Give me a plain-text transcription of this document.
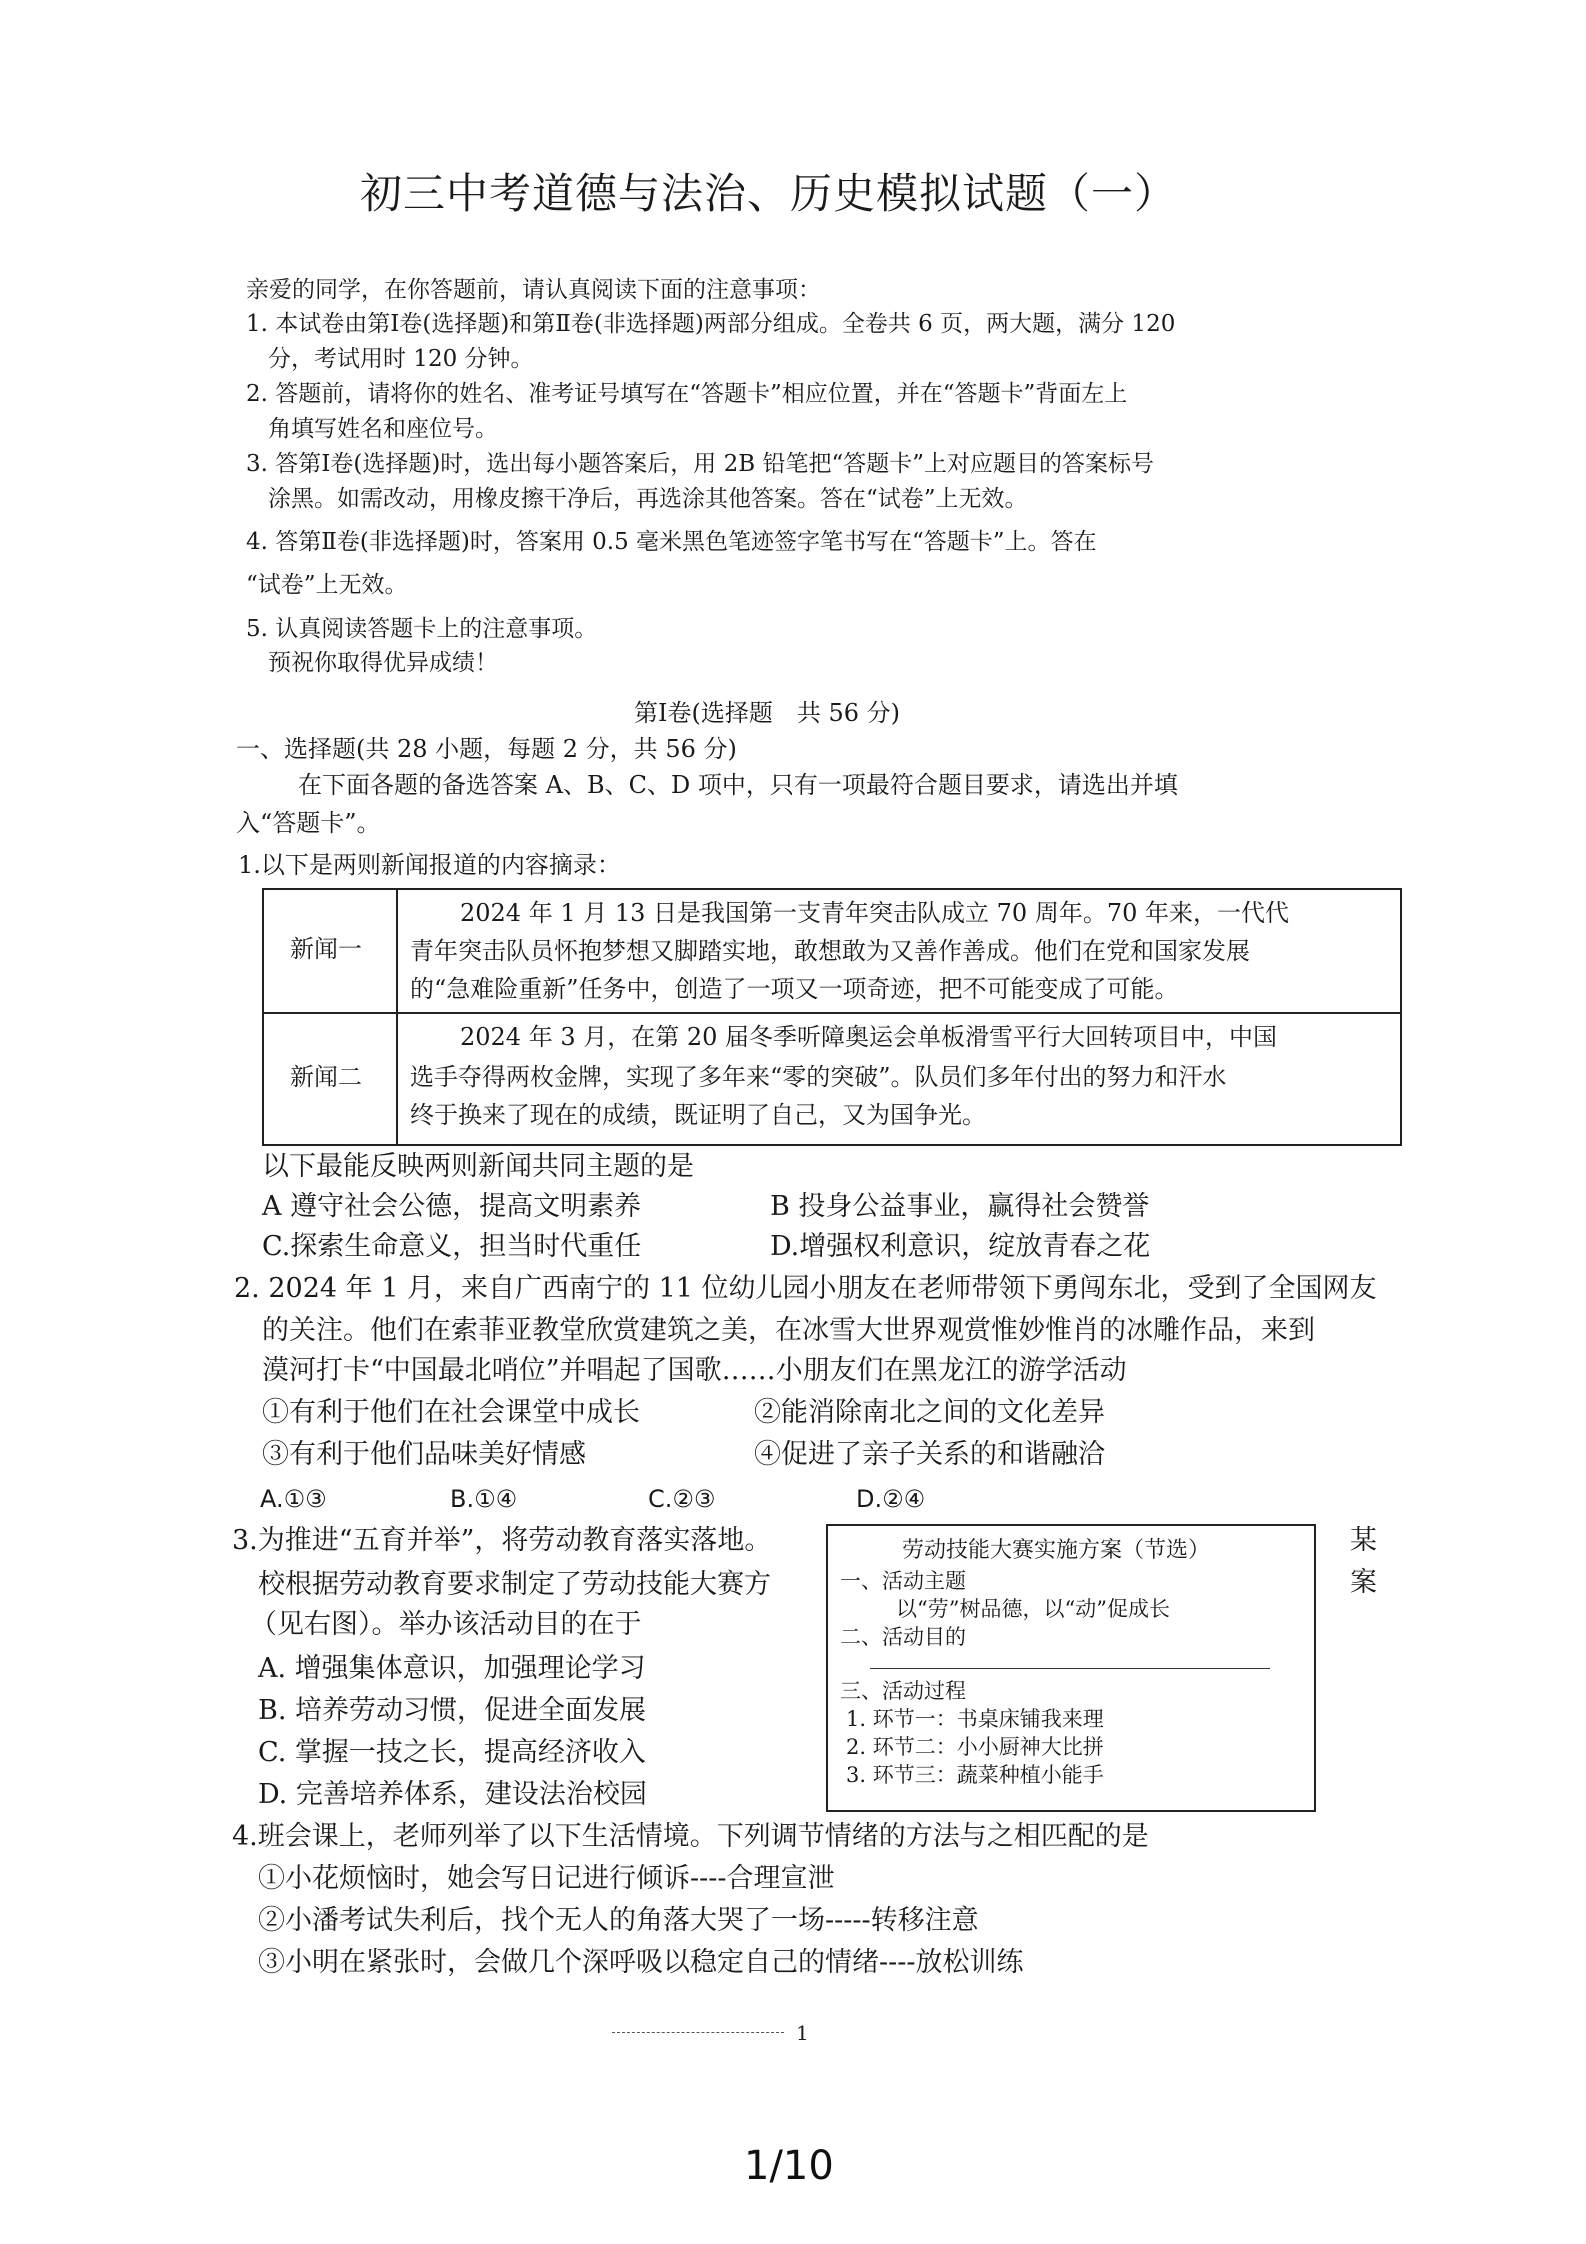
初三中考道德与法治、历史模拟试题（一）
亲爱的同学，在你答题前，请认真阅读下面的注意事项：
1. 本试卷由第Ⅰ卷(选择题)和第Ⅱ卷(非选择题)两部分组成。全卷共 6 页，两大题，满分 120
分，考试用时 120 分钟。
2. 答题前，请将你的姓名、准考证号填写在“答题卡”相应位置，并在“答题卡”背面左上
角填写姓名和座位号。
3. 答第Ⅰ卷(选择题)时，选出每小题答案后，用 2B 铅笔把“答题卡”上对应题目的答案标号
涂黑。如需改动，用橡皮擦干净后，再选涂其他答案。答在“试卷”上无效。
4. 答第Ⅱ卷(非选择题)时，答案用 0.5 毫米黑色笔迹签字笔书写在“答题卡”上。答在
“试卷”上无效。
5. 认真阅读答题卡上的注意事项。
预祝你取得优异成绩！
第Ⅰ卷(选择题　共 56 分)
一、选择题(共 28 小题，每题 2 分，共 56 分)
在下面各题的备选答案 A、B、C、D 项中，只有一项最符合题目要求，请选出并填
入“答题卡”。
1.以下是两则新闻报道的内容摘录：
新闻一
2024 年 1 月 13 日是我国第一支青年突击队成立 70 周年。70 年来，一代代
青年突击队员怀抱梦想又脚踏实地，敢想敢为又善作善成。他们在党和国家发展
的“急难险重新”任务中，创造了一项又一项奇迹，把不可能变成了可能。
新闻二
2024 年 3 月，在第 20 届冬季听障奥运会单板滑雪平行大回转项目中，中国
选手夺得两枚金牌，实现了多年来“零的突破”。队员们多年付出的努力和汗水
终于换来了现在的成绩，既证明了自己，又为国争光。
以下最能反映两则新闻共同主题的是
A 遵守社会公德，提高文明素养	B 投身公益事业，赢得社会赞誉
C.探索生命意义，担当时代重任	D.增强权利意识，绽放青春之花
2. 2024 年 1 月，来自广西南宁的 11 位幼儿园小朋友在老师带领下勇闯东北，受到了全国网友
的关注。他们在索菲亚教堂欣赏建筑之美，在冰雪大世界观赏惟妙惟肖的冰雕作品，来到
漠河打卡“中国最北哨位”并唱起了国歌……小朋友们在黑龙江的游学活动
①有利于他们在社会课堂中成长	②能消除南北之间的文化差异
③有利于他们品味美好情感	④促进了亲子关系的和谐融洽
A.①③	B.①④	C.②③	D.②④
3.为推进“五育并举”，将劳动教育落实落地。	某
案
校根据劳动教育要求制定了劳动技能大赛方
（见右图）。举办该活动目的在于
A. 增强集体意识，加强理论学习
B. 培养劳动习惯，促进全面发展
C. 掌握一技之长，提高经济收入
D. 完善培养体系，建设法治校园
劳动技能大赛实施方案（节选）
一、活动主题
以“劳”树品德，以“动”促成长
二、活动目的
三、活动过程
1. 环节一：书桌床铺我来理
2. 环节二：小小厨神大比拼
3. 环节三：蔬菜种植小能手
4.班会课上，老师列举了以下生活情境。下列调节情绪的方法与之相匹配的是
①小花烦恼时，她会写日记进行倾诉----合理宣泄
②小潘考试失利后，找个无人的角落大哭了一场-----转移注意
③小明在紧张时，会做几个深呼吸以稳定自己的情绪----放松训练
1
1/10
